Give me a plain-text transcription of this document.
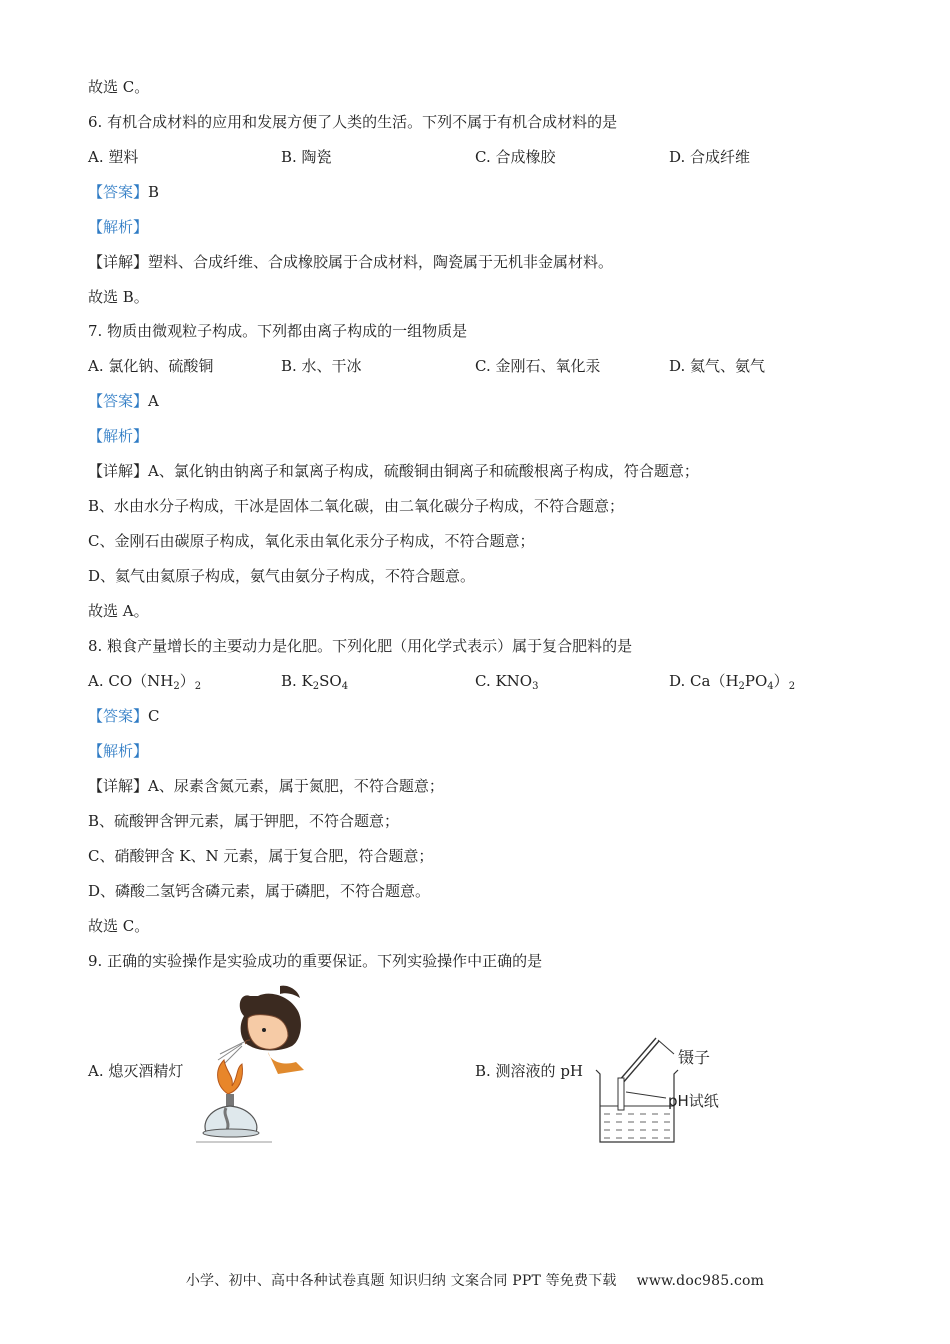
故选 C。
6. 有机合成材料的应用和发展方便了人类的生活。下列不属于有机合成材料的是
A. 塑料	B. 陶瓷	C. 合成橡胶	D. 合成纤维
【答案】B
【解析】
【详解】塑料、合成纤维、合成橡胶属于合成材料，陶瓷属于无机非金属材料。
故选 B。
7. 物质由微观粒子构成。下列都由离子构成的一组物质是
A. 氯化钠、硫酸铜	B. 水、干冰	C. 金刚石、氧化汞	D. 氦气、氨气
【答案】A
【解析】
【详解】A、氯化钠由钠离子和氯离子构成，硫酸铜由铜离子和硫酸根离子构成，符合题意；
B、水由水分子构成，干冰是固体二氧化碳，由二氧化碳分子构成，不符合题意；
C、金刚石由碳原子构成，氧化汞由氧化汞分子构成，不符合题意；
D、氦气由氦原子构成，氨气由氨分子构成，不符合题意。
故选 A。
8. 粮食产量增长的主要动力是化肥。下列化肥（用化学式表示）属于复合肥料的是
A. $CO(NH_2)_2$	B. $K_2SO_4$	C. $KNO_3$	D. $Ca(H_2PO_4)_2$
【答案】C
【解析】
【详解】A、尿素含氮元素，属于氮肥，不符合题意；
B、硫酸钾含钾元素，属于钾肥，不符合题意；
C、硝酸钾含 K、N 元素，属于复合肥，符合题意；
D、磷酸二氢钙含磷元素，属于磷肥，不符合题意。
故选 C。
9. 正确的实验操作是实验成功的重要保证。下列实验操作中正确的是
A. 熄灭酒精灯	B. 测溶液的 pH
镊子
pH试纸
小学、初中、高中各种试卷真题 知识归纳 文案合同 PPT 等免费下载 www.doc985.com
